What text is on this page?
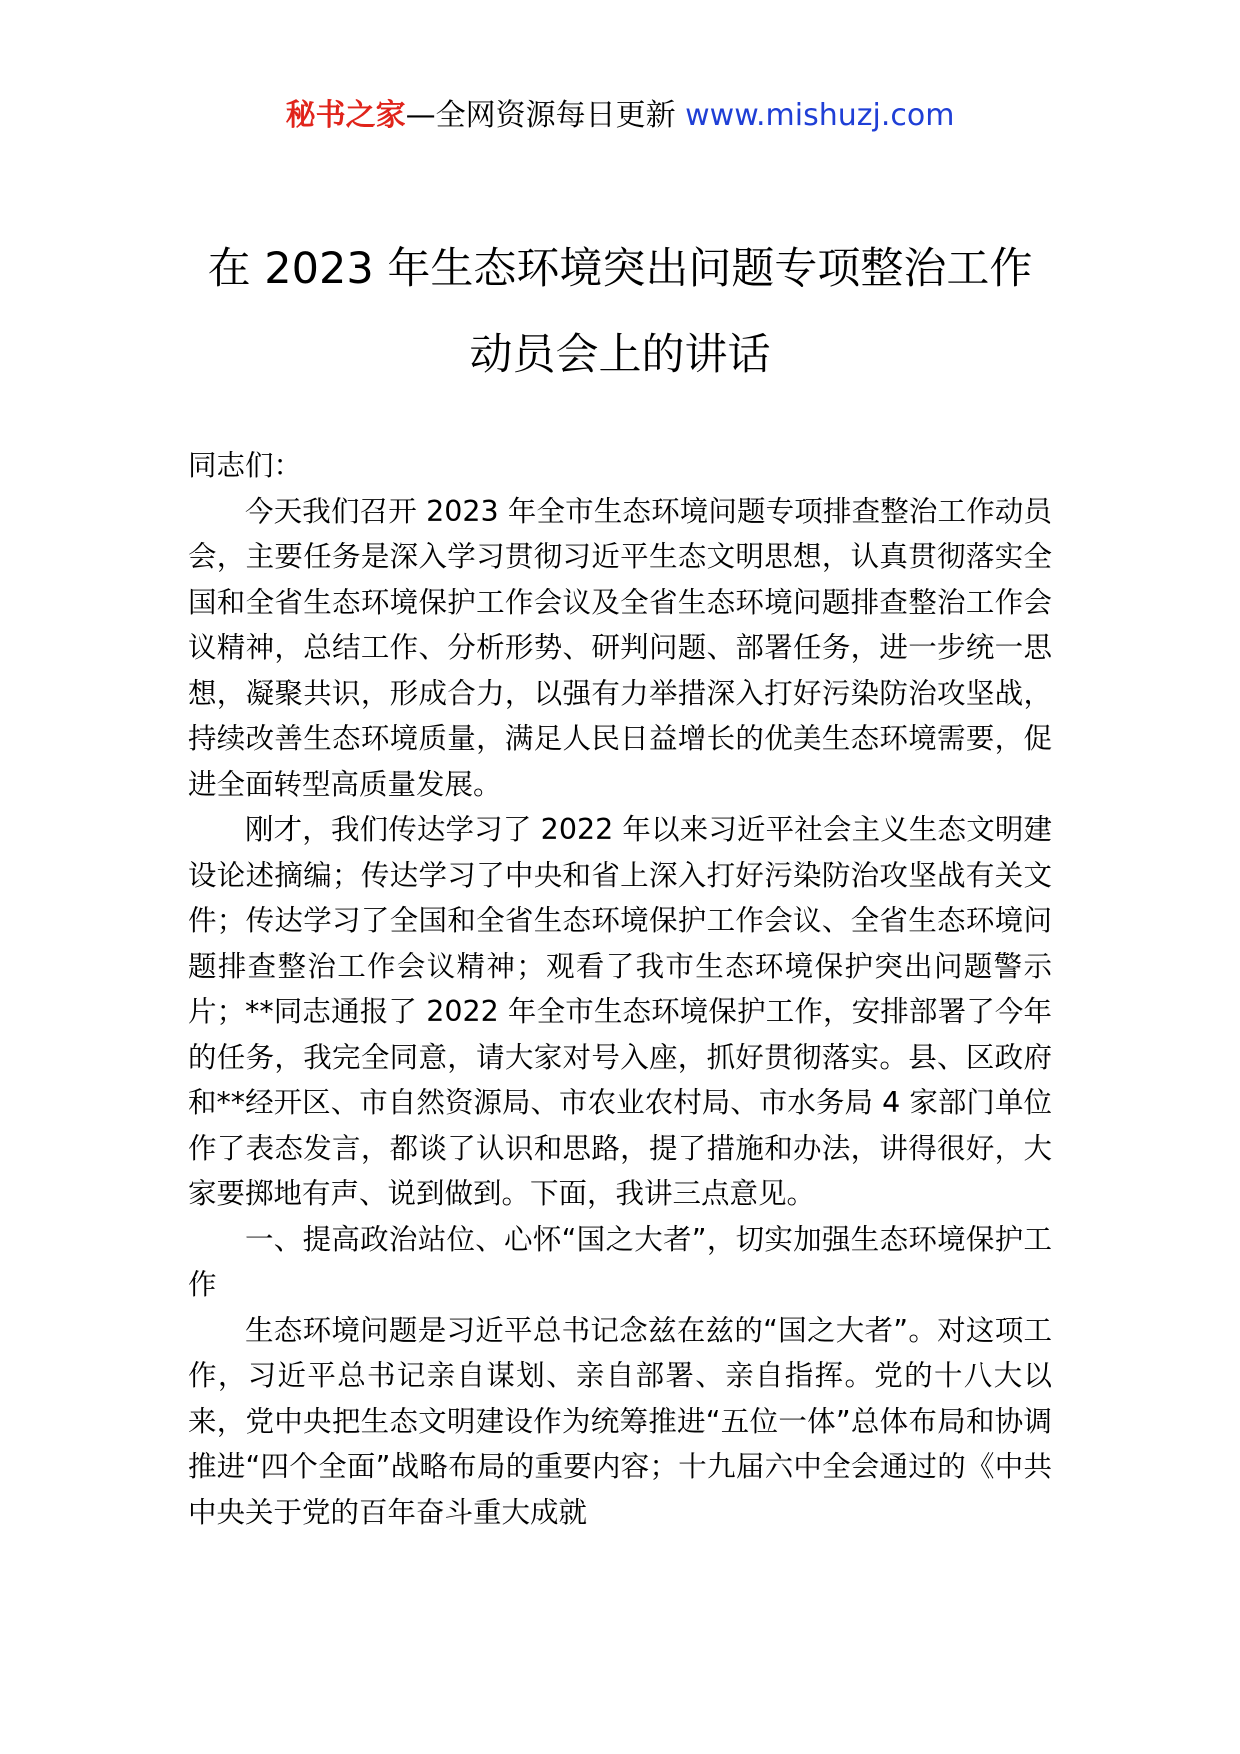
秘书之家—全网资源每日更新 www.mishuzj.com
在 2023 年生态环境突出问题专项整治工作
动员会上的讲话

同志们：

今天我们召开 2023 年全市生态环境问题专项排查整治工作动员会，主要任务是深入学习贯彻习近平生态文明思想，认真贯彻落实全国和全省生态环境保护工作会议及全省生态环境问题排查整治工作会议精神，总结工作、分析形势、研判问题、部署任务，进一步统一思想，凝聚共识，形成合力，以强有力举措深入打好污染防治攻坚战，持续改善生态环境质量，满足人民日益增长的优美生态环境需要，促进全面转型高质量发展。

刚才，我们传达学习了 2022 年以来习近平社会主义生态文明建设论述摘编；传达学习了中央和省上深入打好污染防治攻坚战有关文件；传达学习了全国和全省生态环境保护工作会议、全省生态环境问题排查整治工作会议精神；观看了我市生态环境保护突出问题警示片；**同志通报了 2022 年全市生态环境保护工作，安排部署了今年的任务，我完全同意，请大家对号入座，抓好贯彻落实。县、区政府和**经开区、市自然资源局、市农业农村局、市水务局 4 家部门单位作了表态发言，都谈了认识和思路，提了措施和办法，讲得很好，大家要掷地有声、说到做到。下面，我讲三点意见。

一、提高政治站位、心怀“国之大者”，切实加强生态环境保护工作

生态环境问题是习近平总书记念兹在兹的“国之大者”。对这项工作，习近平总书记亲自谋划、亲自部署、亲自指挥。党的十八大以来，党中央把生态文明建设作为统筹推进“五位一体”总体布局和协调推进“四个全面”战略布局的重要内容；十九届六中全会通过的《中共中央关于党的百年奋斗重大成就
